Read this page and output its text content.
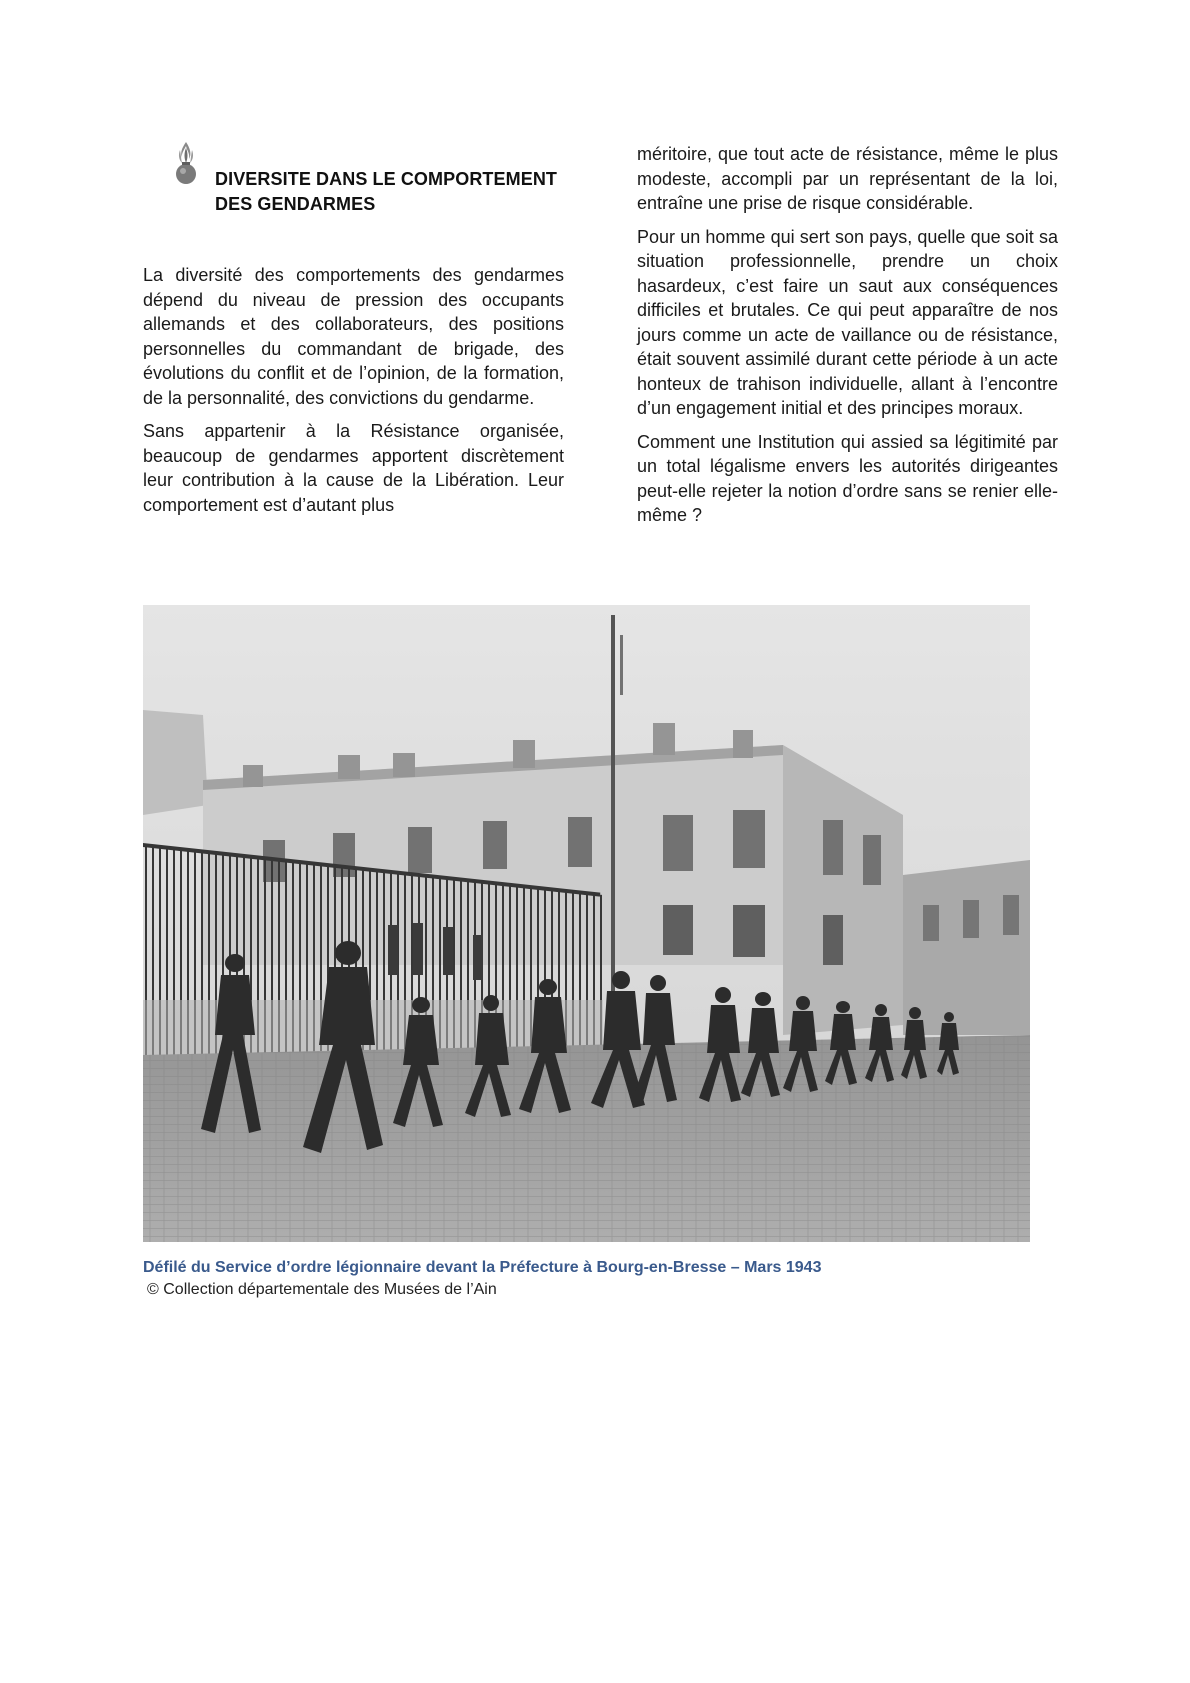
DIVERSITE DANS LE COMPORTEMENT DES GENDARMES

La diversité des comportements des gendarmes dépend du niveau de pression des occupants allemands et des collaborateurs, des positions personnelles du commandant de brigade, des évolutions du conflit et de l’opinion, de la formation, de la personnalité, des convictions du gendarme.

Sans appartenir à la Résistance organisée, beaucoup de gendarmes apportent discrètement leur contribution à la cause de la Libération. Leur comportement est d’autant plus

méritoire, que tout acte de résistance, même le plus modeste, accompli par un représentant de la loi, entraîne une prise de risque considérable.

Pour un homme qui sert son pays, quelle que soit sa situation professionnelle, prendre un choix hasardeux, c’est faire un saut aux conséquences difficiles et brutales. Ce qui peut apparaître de nos jours comme un acte de vaillance ou de résistance, était souvent assimilé durant cette période à un acte honteux de trahison individuelle, allant à l’encontre d’un engagement initial et des principes moraux.

Comment une Institution qui assied sa légitimité par un total légalisme envers les autorités dirigeantes peut-elle rejeter la notion d’ordre sans se renier elle-même ?

Défilé du Service d’ordre légionnaire devant la Préfecture à Bourg-en-Bresse – Mars 1943
© Collection départementale des Musées de l’Ain
